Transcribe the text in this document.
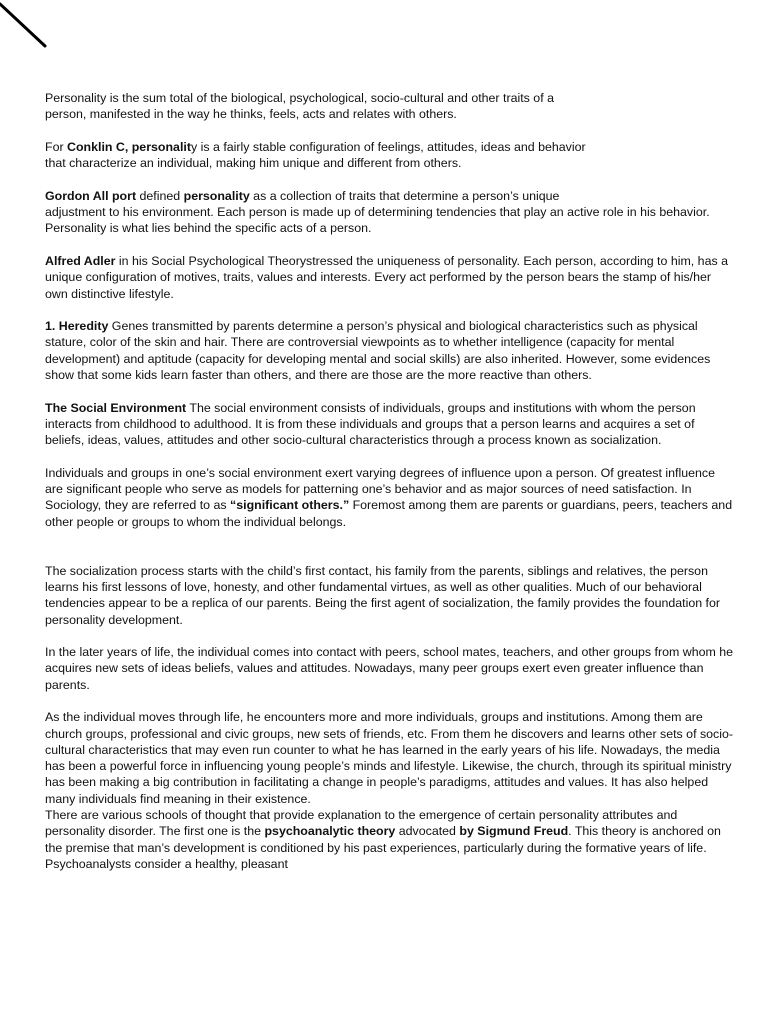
Personality is the sum total of the biological, psychological, socio-cultural and other traits of a
person, manifested in the way he thinks, feels, acts and relates with others.

For Conklin C, personality is a fairly stable configuration of feelings, attitudes, ideas and behavior
that characterize an individual, making him unique and different from others.

Gordon All port defined personality as a collection of traits that determine a person’s unique
adjustment to his environment. Each person is made up of determining tendencies that play an active role in his behavior. Personality is what lies behind the specific acts of a person.

Alfred Adler in his Social Psychological Theorystressed the uniqueness of personality. Each person, according to him, has a unique configuration of motives, traits, values and interests. Every act performed by the person bears the stamp of his/her own distinctive lifestyle.

1. Heredity Genes transmitted by parents determine a person’s physical and biological characteristics such as physical stature, color of the skin and hair. There are controversial viewpoints as to whether intelligence (capacity for mental development) and aptitude (capacity for developing mental and social skills) are also inherited. However, some evidences show that some kids learn faster than others, and there are those are the more reactive than others.

The Social Environment The social environment consists of individuals, groups and institutions with whom the person interacts from childhood to adulthood. It is from these individuals and groups that a person learns and acquires a set of beliefs, ideas, values, attitudes and other socio-cultural characteristics through a process known as socialization.

Individuals and groups in one’s social environment exert varying degrees of influence upon a person. Of greatest influence are significant people who serve as models for patterning one’s behavior and as major sources of need satisfaction. In Sociology, they are referred to as “significant others.” Foremost among them are parents or guardians, peers, teachers and other people or groups to whom the individual belongs.

The socialization process starts with the child’s first contact, his family from the parents, siblings and relatives, the person learns his first lessons of love, honesty, and other fundamental virtues, as well as other qualities. Much of our behavioral tendencies appear to be a replica of our parents. Being the first agent of socialization, the family provides the foundation for personality development.

In the later years of life, the individual comes into contact with peers, school mates, teachers, and other groups from whom he acquires new sets of ideas beliefs, values and attitudes. Nowadays, many peer groups exert even greater influence than parents.

As the individual moves through life, he encounters more and more individuals, groups and institutions. Among them are church groups, professional and civic groups, new sets of friends, etc. From them he discovers and learns other sets of socio-cultural characteristics that may even run counter to what he has learned in the early years of his life. Nowadays, the media has been a powerful force in influencing young people’s minds and lifestyle. Likewise, the church, through its spiritual ministry has been making a big contribution in facilitating a change in people’s paradigms, attitudes and values. It has also helped many individuals find meaning in their existence.

There are various schools of thought that provide explanation to the emergence of certain personality attributes and personality disorder. The first one is the psychoanalytic theory advocated by Sigmund Freud. This theory is anchored on the premise that man’s development is conditioned by his past experiences, particularly during the formative years of life. Psychoanalysts consider a healthy, pleasant
